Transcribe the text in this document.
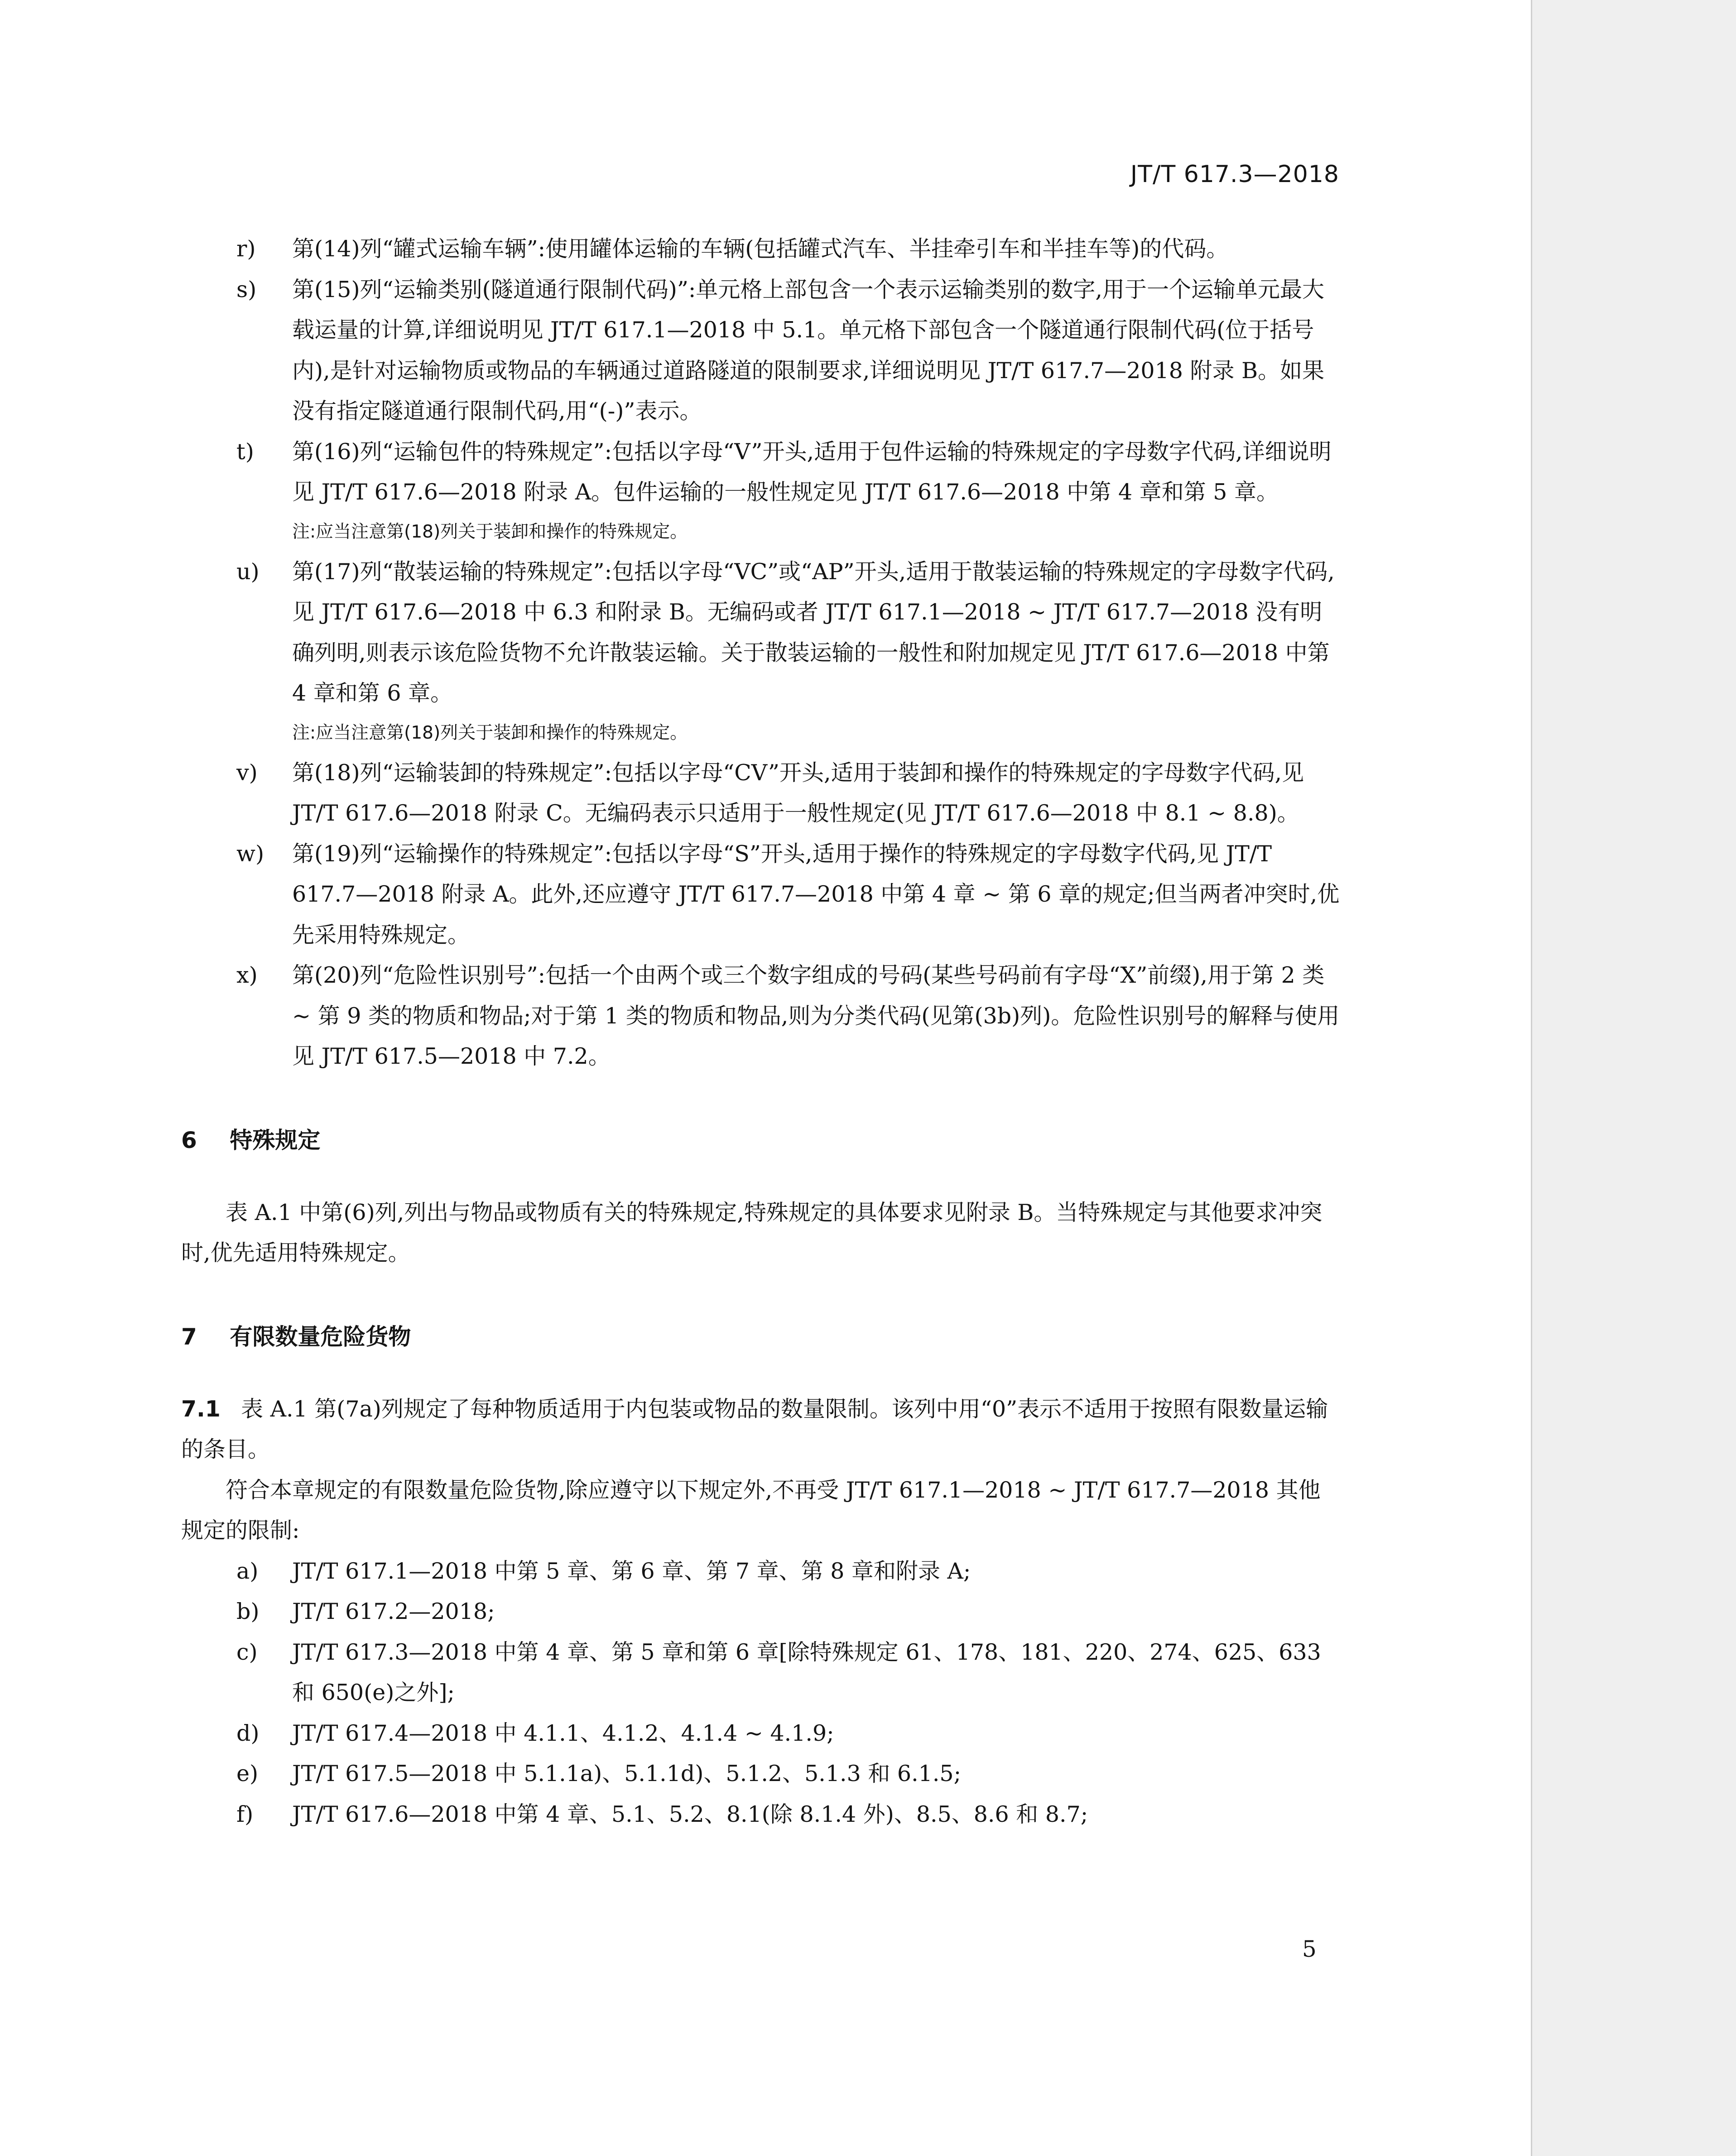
JT/T 617.3—2018
r) 第(14)列“罐式运输车辆”:使用罐体运输的车辆(包括罐式汽车、半挂牵引车和半挂车等)的代码。
s) 第(15)列“运输类别(隧道通行限制代码)”:单元格上部包含一个表示运输类别的数字,用于一个运输单元最大载运量的计算,详细说明见 JT/T 617.1—2018 中 5.1。单元格下部包含一个隧道通行限制代码(位于括号内),是针对运输物质或物品的车辆通过道路隧道的限制要求,详细说明见 JT/T 617.7—2018 附录 B。如果没有指定隧道通行限制代码,用“(-)”表示。
t) 第(16)列“运输包件的特殊规定”:包括以字母“V”开头,适用于包件运输的特殊规定的字母数字代码,详细说明见 JT/T 617.6—2018 附录 A。包件运输的一般性规定见 JT/T 617.6—2018 中第 4 章和第 5 章。
注:应当注意第(18)列关于装卸和操作的特殊规定。
u) 第(17)列“散装运输的特殊规定”:包括以字母“VC”或“AP”开头,适用于散装运输的特殊规定的字母数字代码,见 JT/T 617.6—2018 中 6.3 和附录 B。无编码或者 JT/T 617.1—2018 ~ JT/T 617.7—2018 没有明确列明,则表示该危险货物不允许散装运输。关于散装运输的一般性和附加规定见 JT/T 617.6—2018 中第 4 章和第 6 章。
注:应当注意第(18)列关于装卸和操作的特殊规定。
v) 第(18)列“运输装卸的特殊规定”:包括以字母“CV”开头,适用于装卸和操作的特殊规定的字母数字代码,见 JT/T 617.6—2018 附录 C。无编码表示只适用于一般性规定(见 JT/T 617.6—2018 中 8.1 ~ 8.8)。
w) 第(19)列“运输操作的特殊规定”:包括以字母“S”开头,适用于操作的特殊规定的字母数字代码,见 JT/T 617.7—2018 附录 A。此外,还应遵守 JT/T 617.7—2018 中第 4 章 ~ 第 6 章的规定;但当两者冲突时,优先采用特殊规定。
x) 第(20)列“危险性识别号”:包括一个由两个或三个数字组成的号码(某些号码前有字母“X”前缀),用于第 2 类 ~ 第 9 类的物质和物品;对于第 1 类的物质和物品,则为分类代码(见第(3b)列)。危险性识别号的解释与使用见 JT/T 617.5—2018 中 7.2。
6 特殊规定
表 A.1 中第(6)列,列出与物品或物质有关的特殊规定,特殊规定的具体要求见附录 B。当特殊规定与其他要求冲突时,优先适用特殊规定。
7 有限数量危险货物
7.1 表 A.1 第(7a)列规定了每种物质适用于内包装或物品的数量限制。该列中用“0”表示不适用于按照有限数量运输的条目。
符合本章规定的有限数量危险货物,除应遵守以下规定外,不再受 JT/T 617.1—2018 ~ JT/T 617.7—2018 其他规定的限制:
a) JT/T 617.1—2018 中第 5 章、第 6 章、第 7 章、第 8 章和附录 A;
b) JT/T 617.2—2018;
c) JT/T 617.3—2018 中第 4 章、第 5 章和第 6 章[除特殊规定 61、178、181、220、274、625、633 和 650(e)之外];
d) JT/T 617.4—2018 中 4.1.1、4.1.2、4.1.4 ~ 4.1.9;
e) JT/T 617.5—2018 中 5.1.1a)、5.1.1d)、5.1.2、5.1.3 和 6.1.5;
f) JT/T 617.6—2018 中第 4 章、5.1、5.2、8.1(除 8.1.4 外)、8.5、8.6 和 8.7;
5
